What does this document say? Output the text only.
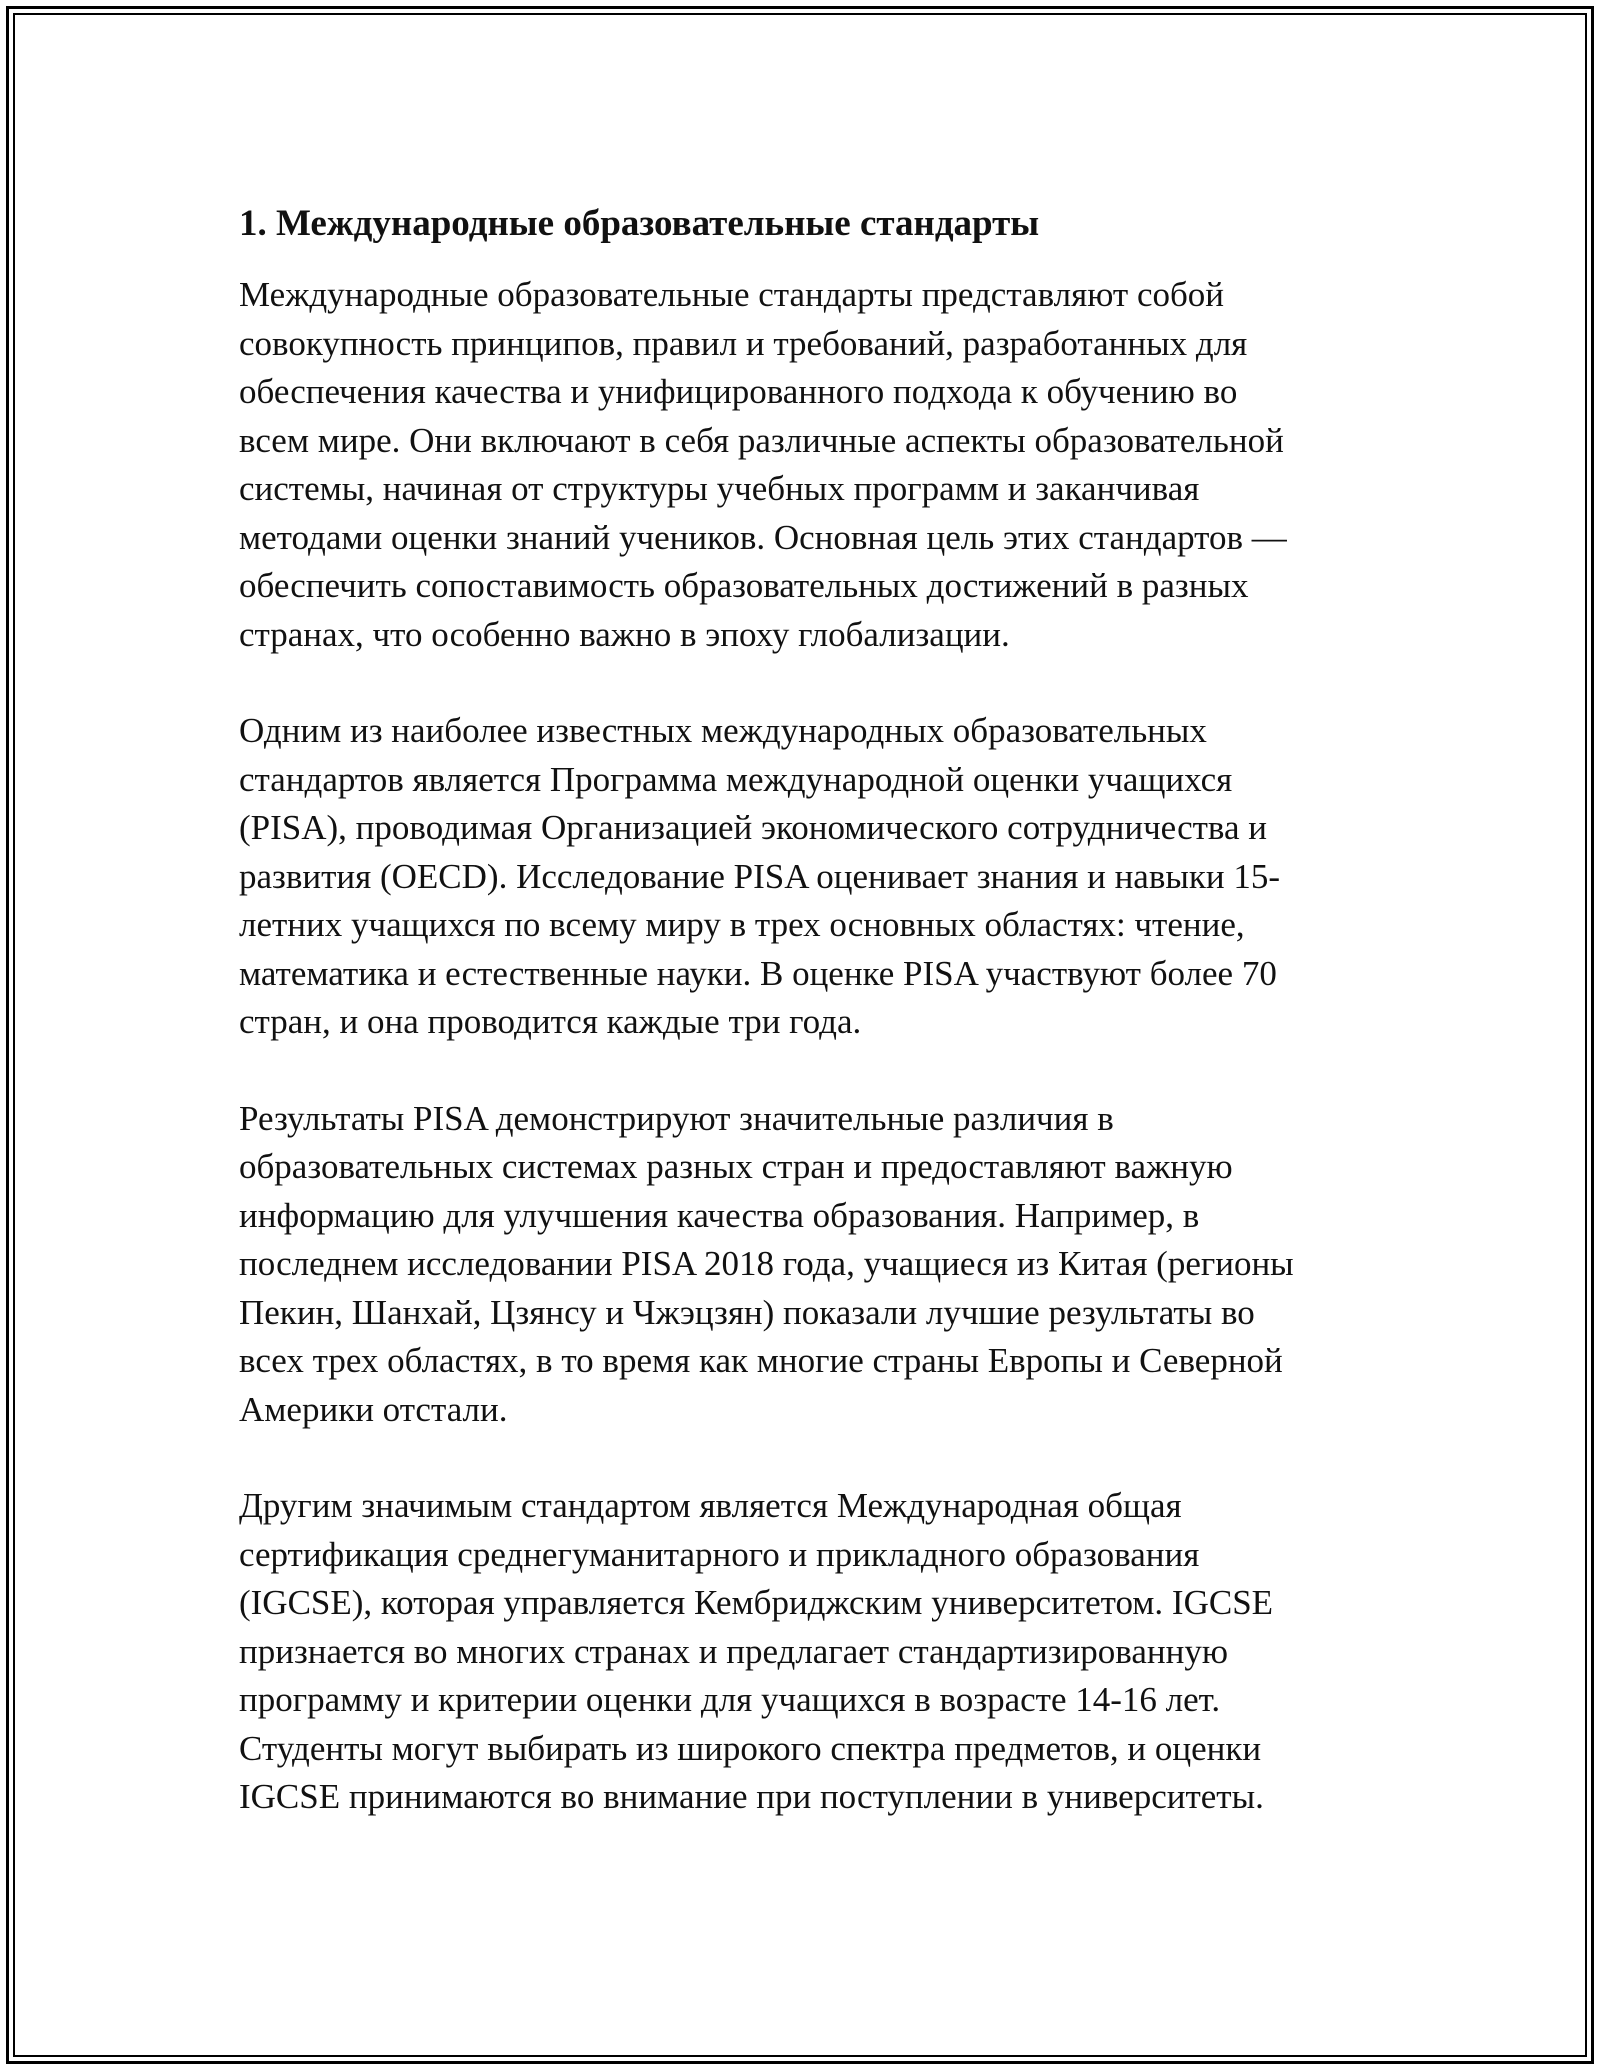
1. Международные образовательные стандарты
Международные образовательные стандарты представляют собой
совокупность принципов, правил и требований, разработанных для
обеспечения качества и унифицированного подхода к обучению во
всем мире. Они включают в себя различные аспекты образовательной
системы, начиная от структуры учебных программ и заканчивая
методами оценки знаний учеников. Основная цель этих стандартов —
обеспечить сопоставимость образовательных достижений в разных
странах, что особенно важно в эпоху глобализации.
Одним из наиболее известных международных образовательных
стандартов является Программа международной оценки учащихся
(PISA), проводимая Организацией экономического сотрудничества и
развития (OECD). Исследование PISA оценивает знания и навыки 15-
летних учащихся по всему миру в трех основных областях: чтение,
математика и естественные науки. В оценке PISA участвуют более 70
стран, и она проводится каждые три года.
Результаты PISA демонстрируют значительные различия в
образовательных системах разных стран и предоставляют важную
информацию для улучшения качества образования. Например, в
последнем исследовании PISA 2018 года, учащиеся из Китая (регионы
Пекин, Шанхай, Цзянсу и Чжэцзян) показали лучшие результаты во
всех трех областях, в то время как многие страны Европы и Северной
Америки отстали.
Другим значимым стандартом является Международная общая
сертификация среднегуманитарного и прикладного образования
(IGCSE), которая управляется Кембриджским университетом. IGCSE
признается во многих странах и предлагает стандартизированную
программу и критерии оценки для учащихся в возрасте 14-16 лет.
Студенты могут выбирать из широкого спектра предметов, и оценки
IGCSE принимаются во внимание при поступлении в университеты.
